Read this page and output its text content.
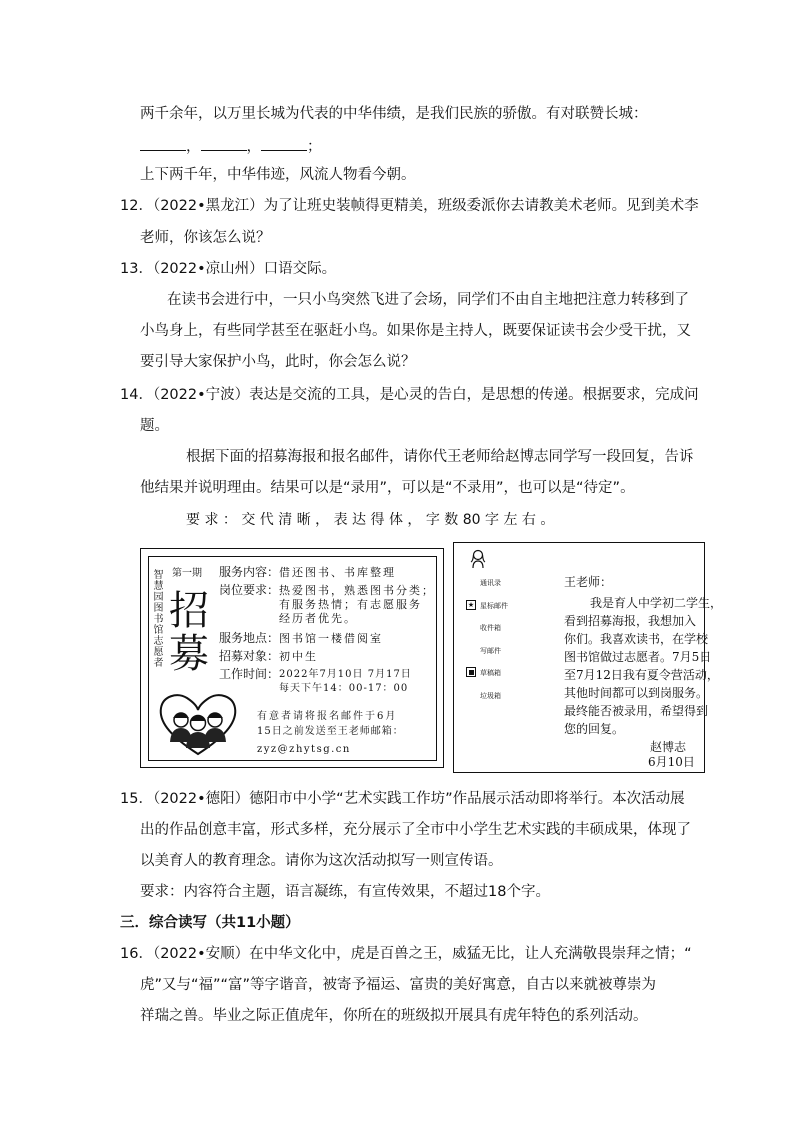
两千余年，以万里长城为代表的中华伟绩，是我们民族的骄傲。有对联赞长城：
，	，	；
上下两千年，中华伟迹，风流人物看今朝。
12．（2022•黑龙江）为了让班史装帧得更精美，班级委派你去请教美术老师。见到美术李
老师，你该怎么说？
13．（2022•凉山州）口语交际。
在读书会进行中，一只小鸟突然飞进了会场，同学们不由自主地把注意力转移到了
小鸟身上，有些同学甚至在驱赶小鸟。如果你是主持人，既要保证读书会少受干扰，又
要引导大家保护小鸟，此时，你会怎么说？
14．（2022•宁波）表达是交流的工具，是心灵的告白，是思想的传递。根据要求，完成问
题。
根据下面的招募海报和报名邮件，请你代王老师给赵博志同学写一段回复，告诉
他结果并说明理由。结果可以是“录用”，可以是“不录用”，也可以是“待定”。
要 求 ： 交 代 清 晰 ， 表 达 得 体 ， 字 数 80 字 左 右 。
智慧园图书馆志愿者 第一期
招
募
服务内容： 借还图书、书库整理
岗位要求： 热爱图书，熟悉图书分类；
有服务热情；有志愿服务
经历者优先。
服务地点： 图书馆一楼借阅室
招募对象： 初中生
工作时间： 2022年7月10日 7月17日
每天下午14：00-17：00
有意者请将报名邮件于6月
15日之前发送至王老师邮箱：
zyz@zhytsg.cn
通讯录
星标邮件
收件箱
写邮件
草稿箱
垃圾箱
★
王老师：
我是育人中学初二学生，
看到招募海报，我想加入
你们。我喜欢读书，在学校
图书馆做过志愿者。7月5日
至7月12日我有夏令营活动，
其他时间都可以到岗服务。
最终能否被录用，希望得到
您的回复。
赵博志
6月10日
15．（2022•德阳）德阳市中小学“艺术实践工作坊”作品展示活动即将举行。本次活动展
出的作品创意丰富，形式多样，充分展示了全市中小学生艺术实践的丰硕成果，体现了
以美育人的教育理念。请你为这次活动拟写一则宣传语。
要求：内容符合主题，语言凝练，有宣传效果，不超过18个字。
三．综合读写（共11小题）
16．（2022•安顺）在中华文化中，虎是百兽之王，威猛无比，让人充满敬畏崇拜之情；“
虎”又与“福”“富”等字谐音，被寄予福运、富贵的美好寓意，自古以来就被尊崇为
祥瑞之兽。毕业之际正值虎年，你所在的班级拟开展具有虎年特色的系列活动。
